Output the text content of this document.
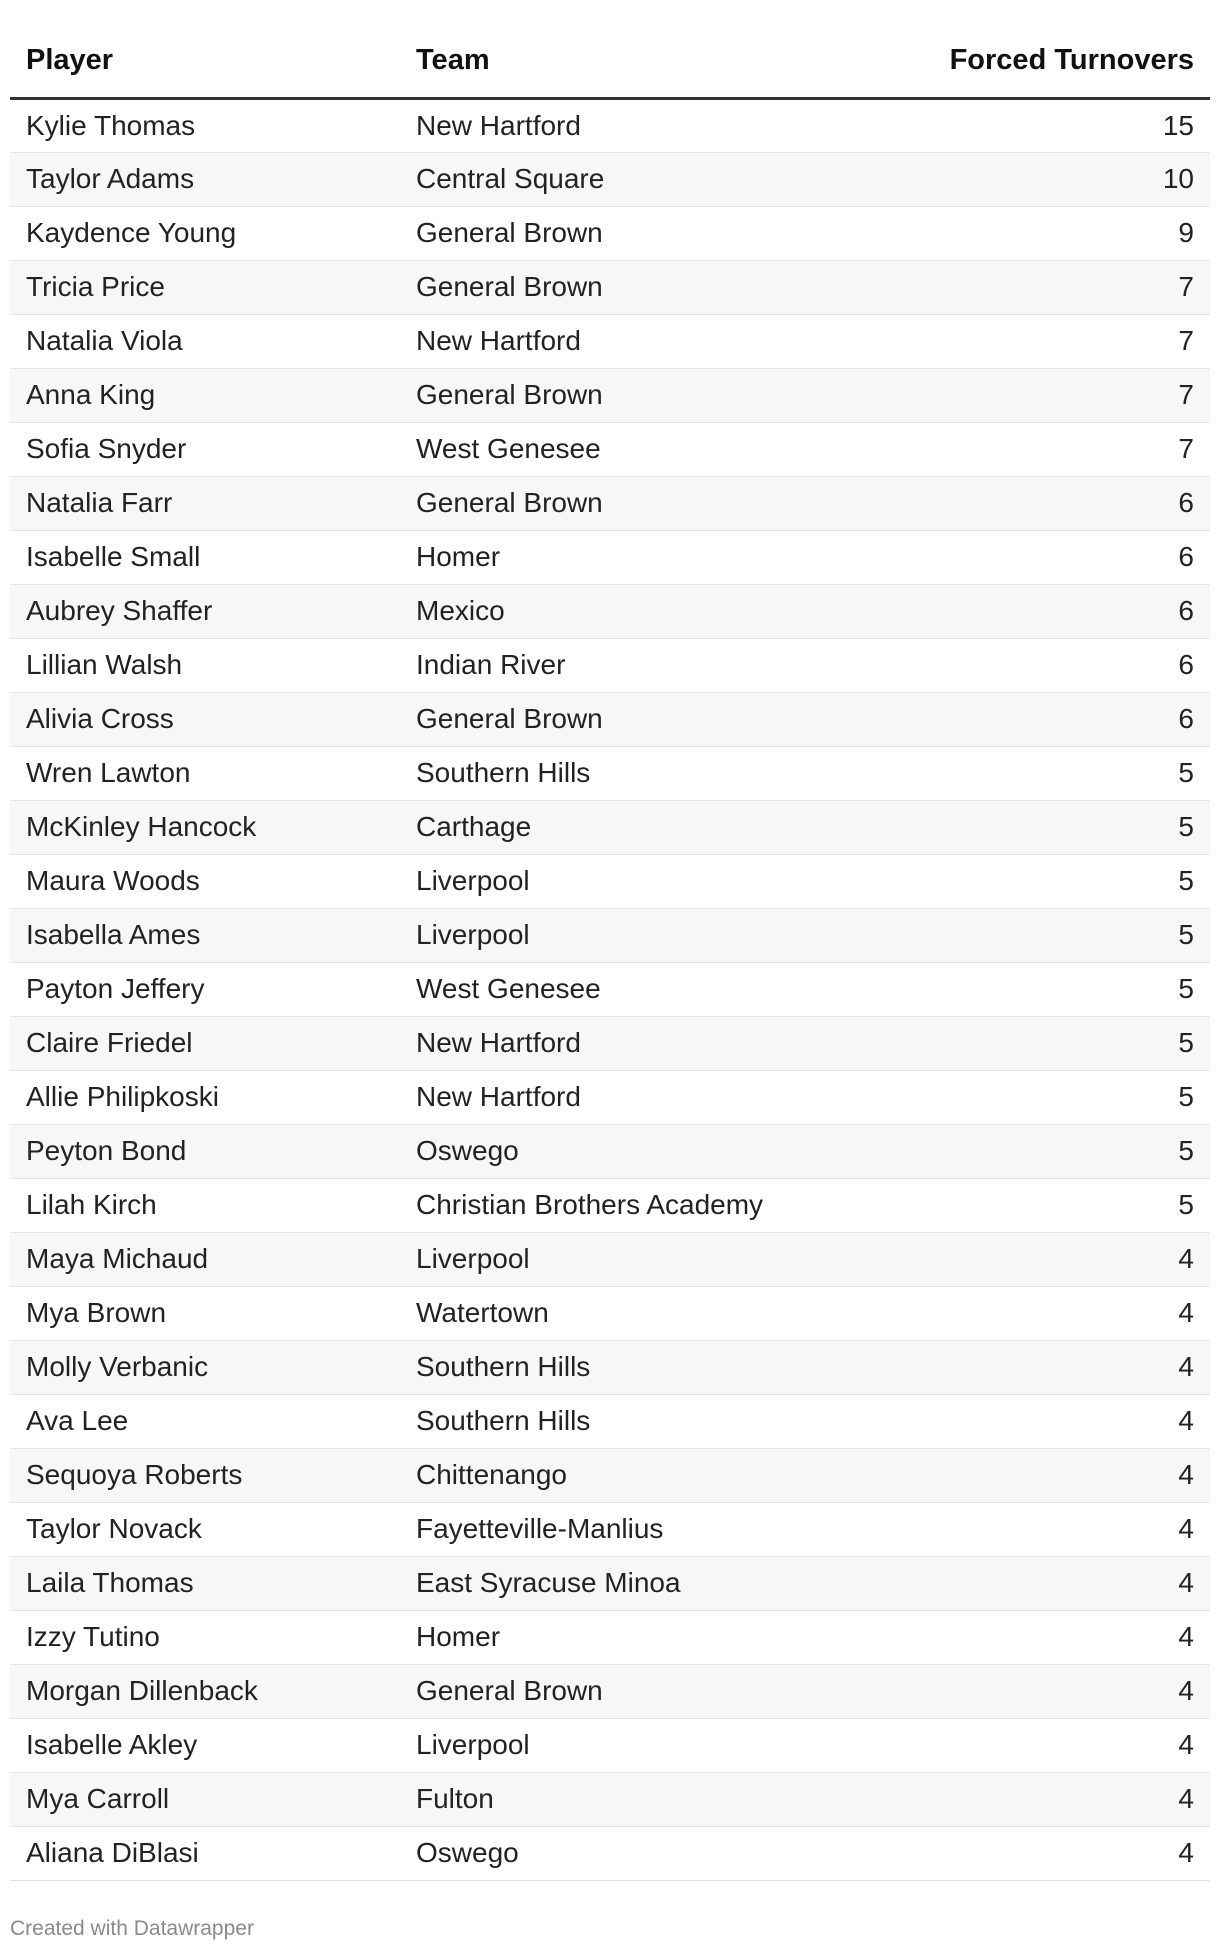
Player	Team	Forced Turnovers
Kylie Thomas	New Hartford	15
Taylor Adams	Central Square	10
Kaydence Young	General Brown	9
Tricia Price	General Brown	7
Natalia Viola	New Hartford	7
Anna King	General Brown	7
Sofia Snyder	West Genesee	7
Natalia Farr	General Brown	6
Isabelle Small	Homer	6
Aubrey Shaffer	Mexico	6
Lillian Walsh	Indian River	6
Alivia Cross	General Brown	6
Wren Lawton	Southern Hills	5
McKinley Hancock	Carthage	5
Maura Woods	Liverpool	5
Isabella Ames	Liverpool	5
Payton Jeffery	West Genesee	5
Claire Friedel	New Hartford	5
Allie Philipkoski	New Hartford	5
Peyton Bond	Oswego	5
Lilah Kirch	Christian Brothers Academy	5
Maya Michaud	Liverpool	4
Mya Brown	Watertown	4
Molly Verbanic	Southern Hills	4
Ava Lee	Southern Hills	4
Sequoya Roberts	Chittenango	4
Taylor Novack	Fayetteville-Manlius	4
Laila Thomas	East Syracuse Minoa	4
Izzy Tutino	Homer	4
Morgan Dillenback	General Brown	4
Isabelle Akley	Liverpool	4
Mya Carroll	Fulton	4
Aliana DiBlasi	Oswego	4
Created with Datawrapper
